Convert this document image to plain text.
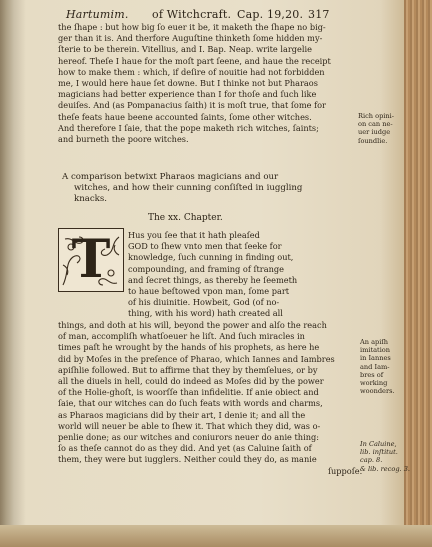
Hartumim. of Witchcraft. Cap. 19,20. 317
the ſhape : but how big ſo euer it be, it maketh the ſhape no big-
ger than it is. And therfore Auguſtine thinketh ſome hidden my-
ſterie to be therein. Vitellius, and I. Bap. Neap. write largelie
hereof. Theſe I haue for the moſt part ſeene, and haue the receipt
how to make them : which, if deſire of nouitie had not forbidden
me, I would here haue ſet downe. But I thinke not but Pharaos
magicians had better experience than I for thoſe and ſuch like
deuiſes. And (as Pompanacius ſaith) it is moſt true, that ſome for
theſe feats haue beene accounted ſaints, ſome other witches.
And therefore I ſaie, that the pope maketh rich witches, ſaints;
and burneth the poore witches.
Rich opini-
on can ne-
uer iudge
ſoundlie.
A comparison betwixt Pharaos magicians and our
witches, and how their cunning conſiſted in iuggling
knacks.
The xx. Chapter.
T Hus you ſee that it hath pleaſed
GOD to ſhew vnto men that ſeeke for
knowledge, ſuch cunning in finding out,
compounding, and framing of ſtrange
and ſecret things, as thereby he ſeemeth
to haue beſtowed vpon man, ſome part
of his diuinitie. Howbeit, God (of no-
thing, with his word) hath created all
things, and doth at his will, beyond the power and alſo the reach
of man, accompliſh whatſoeuer he liſt. And ſuch miracles in
times paſt he wrought by the hands of his prophets, as here he
did by Moſes in the preſence of Pharao, which Iannes and Iambres
apiſhlie followed. But to affirme that they by themſelues, or by
all the diuels in hell, could do indeed as Moſes did by the power
of the Holie-ghoſt, is woorſſe than infidelitie. If anie obiect and
ſaie, that our witches can do ſuch feats with words and charms,
as Pharaos magicians did by their art, I denie it; and all the
world will neuer be able to ſhew it. That which they did, was o-
penlie done; as our witches and coniurors neuer do anie thing:
ſo as theſe cannot do as they did. And yet (as Caluine ſaith of
them, they were but iugglers. Neither could they do, as manie
ſuppoſe.
An apiſh
imitation
in Iannes
and Iam-
bres of
working
woonders.
In Caluine,
lib. inſtitut.
cap. 8.
& lib. recog. 3.
